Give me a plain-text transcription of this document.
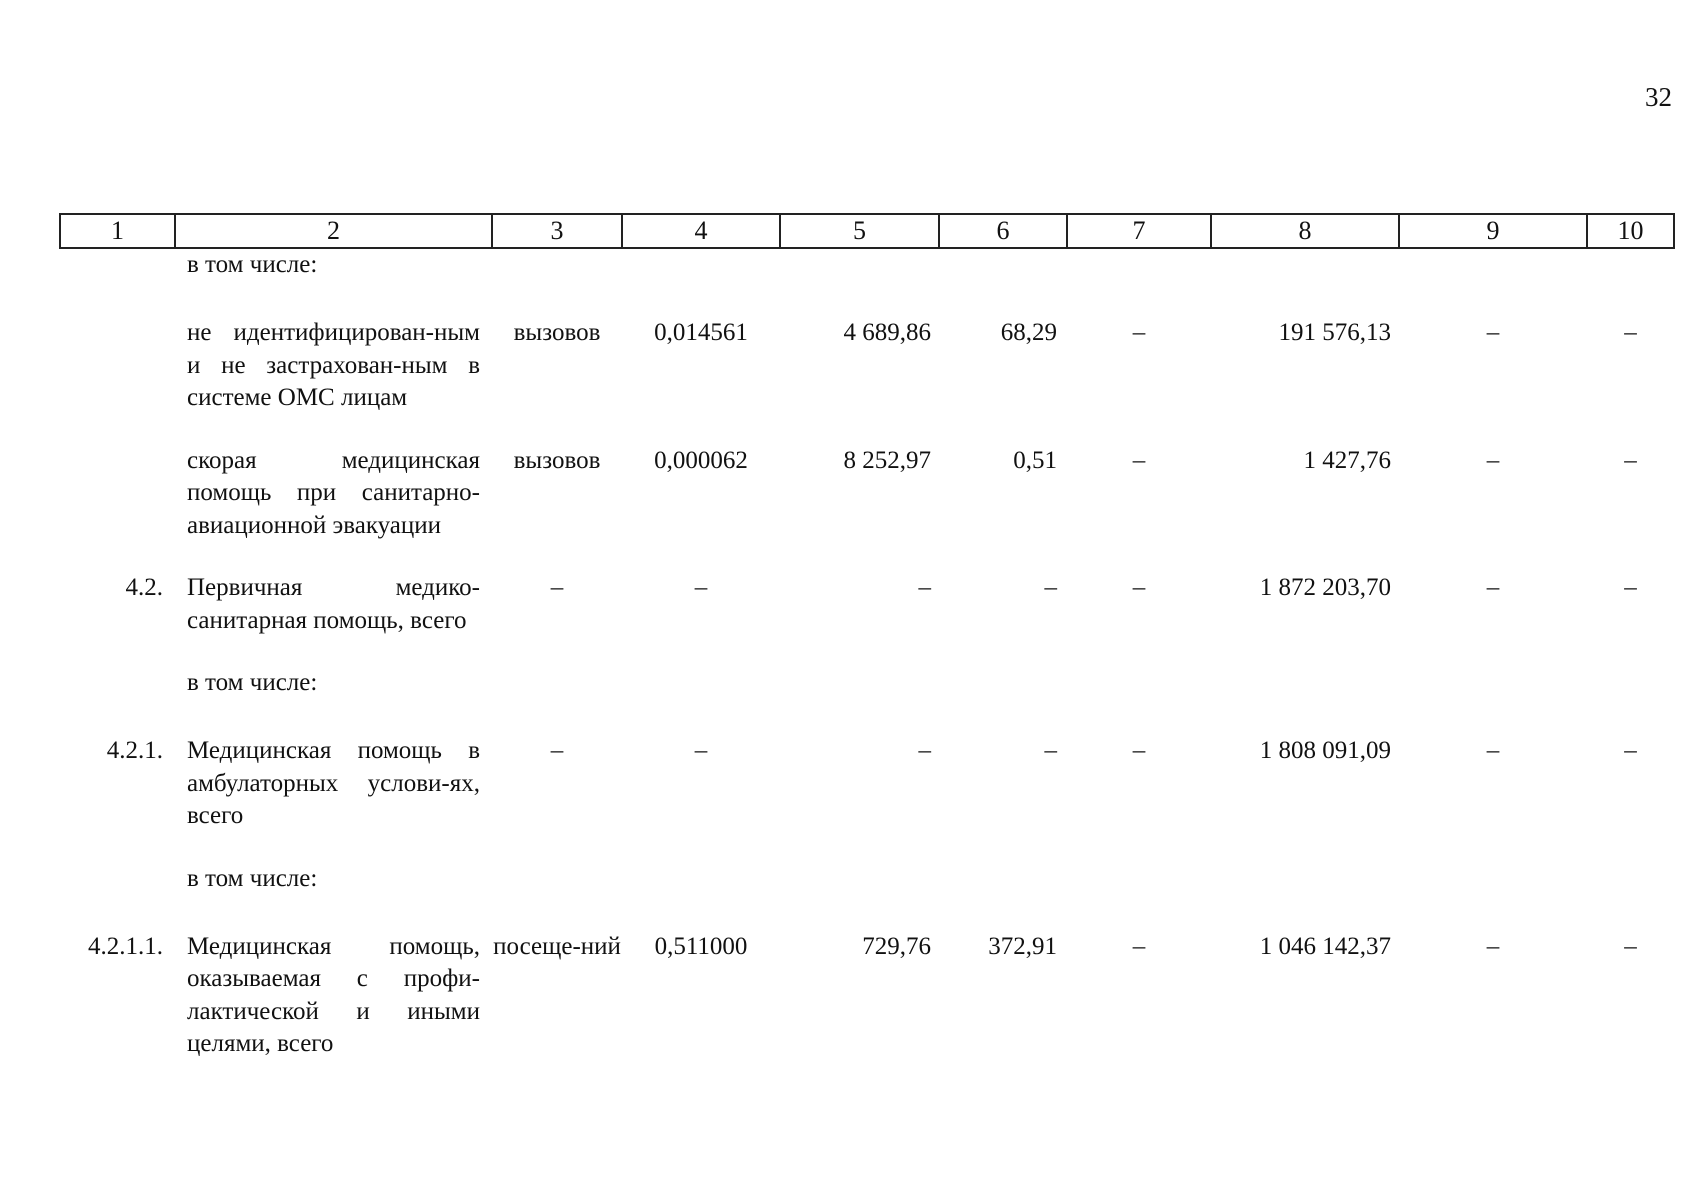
32
1	2	3	4	5	6	7	8	9	10
	в том числе:								
	не идентифицирован-ным и не застрахован-ным в системе ОМС лицам	вызовов	0,014561	4 689,86	68,29	–	191 576,13	–	–

	скорая медицинская помощь при санитарно-авиационной эвакуации	вызовов	0,000062	8 252,97	0,51	–	1 427,76	–	–

4.2.	Первичная медико-санитарная помощь, всего	–	–	–	–	–	1 872 203,70	–	–

	в том числе:								
4.2.1.	Медицинская помощь в амбулаторных услови-ях, всего	–	–	–	–	–	1 808 091,09	–	–

	в том числе:								
4.2.1.1.	Медицинская помощь, оказываемая с профи-лактической и иными целями, всего	посеще-ний	0,511000	729,76	372,91	–	1 046 142,37	–	–
